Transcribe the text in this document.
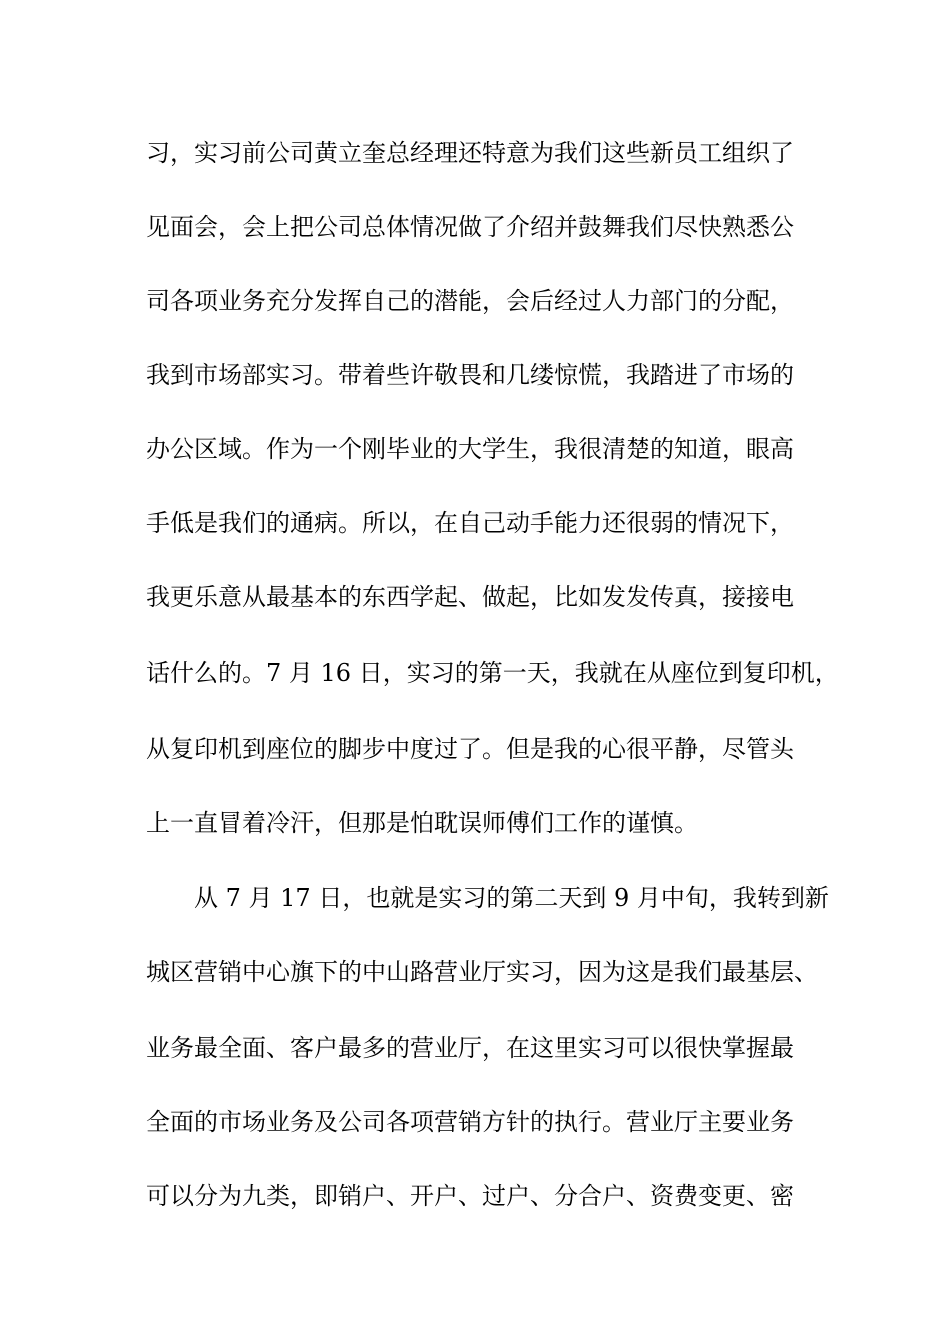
习，实习前公司黄立奎总经理还特意为我们这些新员工组织了
见面会，会上把公司总体情况做了介绍并鼓舞我们尽快熟悉公
司各项业务充分发挥自己的潜能，会后经过人力部门的分配，
我到市场部实习。带着些许敬畏和几缕惊慌，我踏进了市场的
办公区域。作为一个刚毕业的大学生，我很清楚的知道，眼高
手低是我们的通病。所以，在自己动手能力还很弱的情况下，
我更乐意从最基本的东西学起、做起，比如发发传真，接接电
话什么的。7 月 16 日，实习的第一天，我就在从座位到复印机，
从复印机到座位的脚步中度过了。但是我的心很平静，尽管头
上一直冒着冷汗，但那是怕耽误师傅们工作的谨慎。
从 7 月 17 日，也就是实习的第二天到 9 月中旬，我转到新
城区营销中心旗下的中山路营业厅实习，因为这是我们最基层、
业务最全面、客户最多的营业厅，在这里实习可以很快掌握最
全面的市场业务及公司各项营销方针的执行。营业厅主要业务
可以分为九类，即销户、开户、过户、分合户、资费变更、密
